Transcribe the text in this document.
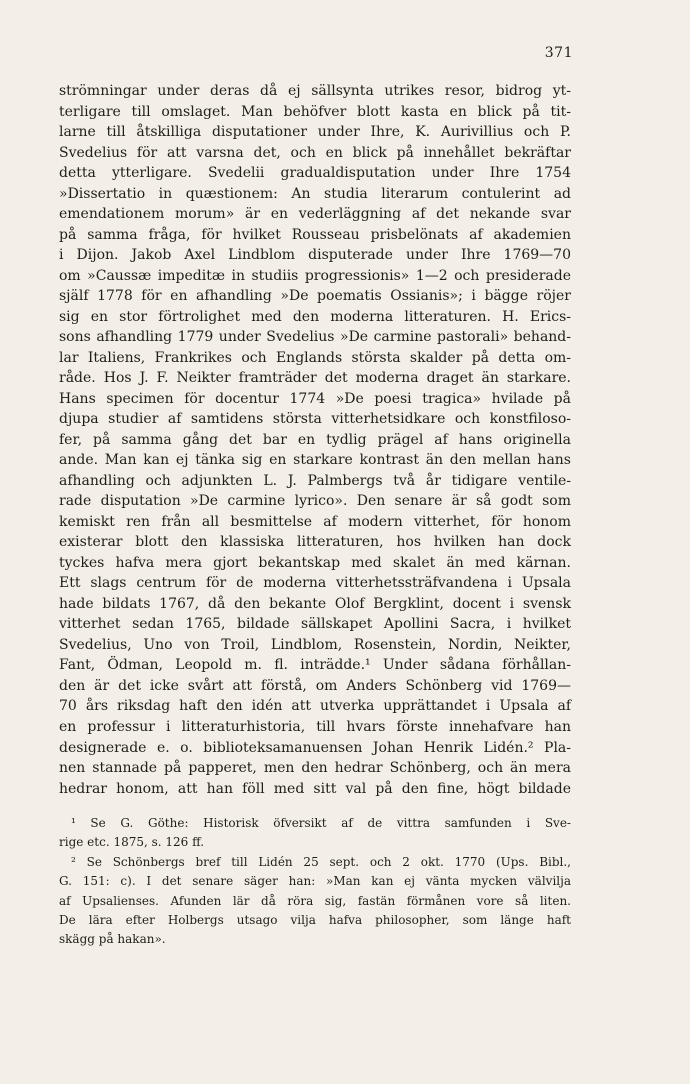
371
strömningar under deras då ej sällsynta utrikes resor, bidrog yt-
terligare till omslaget. Man behöfver blott kasta en blick på tit-
larne till åtskilliga disputationer under Ihre, K. Aurivillius och P.
Svedelius för att varsna det, och en blick på innehållet bekräftar
detta ytterligare. Svedelii gradualdisputation under Ihre 1754
»Dissertatio in quæstionem: An studia literarum contulerint ad
emendationem morum» är en vederläggning af det nekande svar
på samma fråga, för hvilket Rousseau prisbelönats af akademien
i Dijon. Jakob Axel Lindblom disputerade under Ihre 1769—70
om »Caussæ impeditæ in studiis progressionis» 1—2 och presiderade
själf 1778 för en afhandling »De poematis Ossianis»; i bägge röjer
sig en stor förtrolighet med den moderna litteraturen. H. Erics-
sons afhandling 1779 under Svedelius »De carmine pastorali» behand-
lar Italiens, Frankrikes och Englands största skalder på detta om-
råde. Hos J. F. Neikter framträder det moderna draget än starkare.
Hans specimen för docentur 1774 »De poesi tragica» hvilade på
djupa studier af samtidens största vitterhetsidkare och konstfiloso-
fer, på samma gång det bar en tydlig prägel af hans originella
ande. Man kan ej tänka sig en starkare kontrast än den mellan hans
afhandling och adjunkten L. J. Palmbergs två år tidigare ventile-
rade disputation »De carmine lyrico». Den senare är så godt som
kemiskt ren från all besmittelse af modern vitterhet, för honom
existerar blott den klassiska litteraturen, hos hvilken han dock
tyckes hafva mera gjort bekantskap med skalet än med kärnan.
Ett slags centrum för de moderna vitterhetssträfvandena i Upsala
hade bildats 1767, då den bekante Olof Bergklint, docent i svensk
vitterhet sedan 1765, bildade sällskapet Apollini Sacra, i hvilket
Svedelius, Uno von Troil, Lindblom, Rosenstein, Nordin, Neikter,
Fant, Ödman, Leopold m. fl. inträdde.¹ Under sådana förhållan-
den är det icke svårt att förstå, om Anders Schönberg vid 1769—
70 års riksdag haft den idén att utverka upprättandet i Upsala af
en professur i litteraturhistoria, till hvars förste innehafvare han
designerade e. o. biblioteksamanuensen Johan Henrik Lidén.² Pla-
nen stannade på papperet, men den hedrar Schönberg, och än mera
hedrar honom, att han föll med sitt val på den fine, högt bildade
¹ Se G. Göthe: Historisk öfversikt af de vittra samfunden i Sve-
rige etc. 1875, s. 126 ff.
² Se Schönbergs bref till Lidén 25 sept. och 2 okt. 1770 (Ups. Bibl.,
G. 151: c). I det senare säger han: »Man kan ej vänta mycken välvilja
af Upsalienses. Afunden lär då röra sig, fastän förmånen vore så liten.
De lära efter Holbergs utsago vilja hafva philosopher, som länge haft
skägg på hakan».
